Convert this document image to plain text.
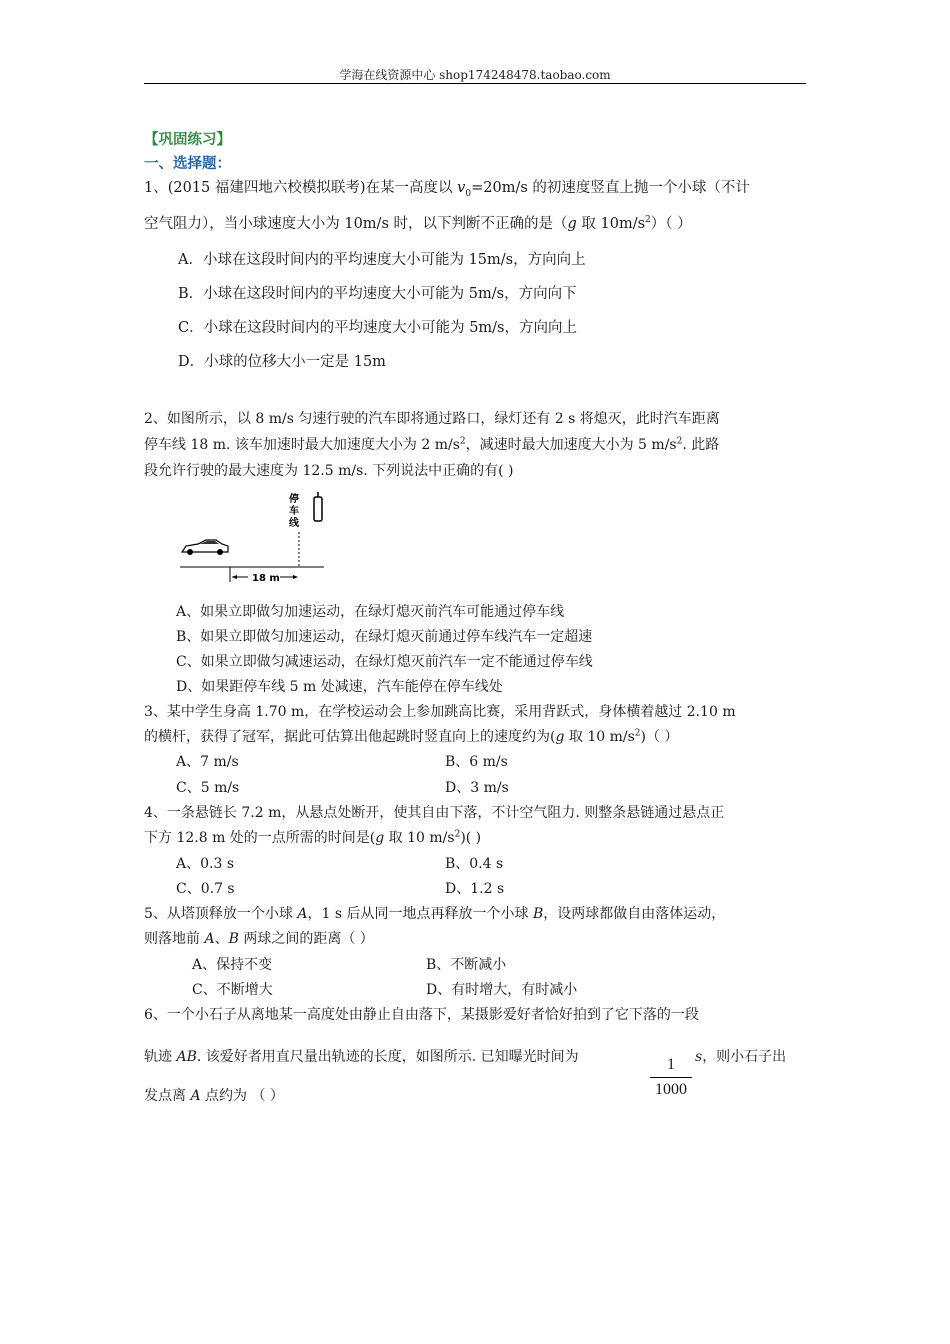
学海在线资源中心 shop174248478.taobao.com
【巩固练习】
一、选择题：
1、(2015 福建四地六校模拟联考)在某一高度以 $v_0=20m/s$ 的初速度竖直上抛一个小球（不计
空气阻力），当小球速度大小为 10m/s 时，以下判断不正确的是（g 取 $10m/s^2$）（ ）
A．小球在这段时间内的平均速度大小可能为 15m/s，方向向上
B．小球在这段时间内的平均速度大小可能为 5m/s，方向向下
C．小球在这段时间内的平均速度大小可能为 5m/s，方向向上
D．小球的位移大小一定是 15m
2、如图所示，以 8 m/s 匀速行驶的汽车即将通过路口，绿灯还有 2 s 将熄灭，此时汽车距离
停车线 18 m. 该车加速时最大加速度大小为 2 $m/s^2$，减速时最大加速度大小为 5 $m/s^2$. 此路
段允许行驶的最大速度为 12.5 m/s. 下列说法中正确的有( )
停
车
线
18 m
A、如果立即做匀加速运动，在绿灯熄灭前汽车可能通过停车线
B、如果立即做匀加速运动，在绿灯熄灭前通过停车线汽车一定超速
C、如果立即做匀减速运动，在绿灯熄灭前汽车一定不能通过停车线
D、如果距停车线 5 m 处减速，汽车能停在停车线处
3、某中学生身高 1.70 m，在学校运动会上参加跳高比赛，采用背跃式，身体横着越过 2.10 m
的横杆，获得了冠军，据此可估算出他起跳时竖直向上的速度约为(g 取 10 $m/s^2$)（ ）
A、7 m/s	B、6 m/s
C、5 m/s	D、3 m/s
4、一条悬链长 7.2 m，从悬点处断开，使其自由下落，不计空气阻力. 则整条悬链通过悬点正
下方 12.8 m 处的一点所需的时间是(g 取 10 $m/s^2$)( )
A、0.3 s	B、0.4 s
C、0.7 s	D、1.2 s
5、从塔顶释放一个小球 A，1 s 后从同一地点再释放一个小球 B，设两球都做自由落体运动，
则落地前 A、B 两球之间的距离（ ）
A、保持不变	B、不断减小
C、不断增大	D、有时增大，有时减小
6、一个小石子从离地某一高度处由静止自由落下，某摄影爱好者恰好拍到了它下落的一段
轨迹 AB. 该爱好者用直尺量出轨迹的长度，如图所示. 已知曝光时间为	1
1000
s，则小石子出
发点离 A 点约为 （ ）
